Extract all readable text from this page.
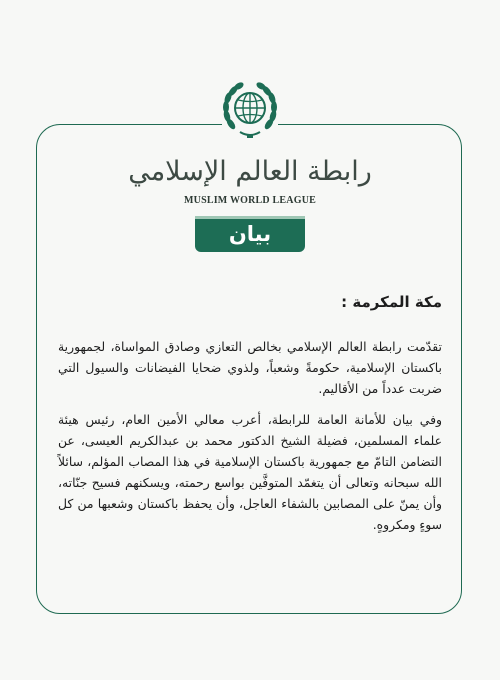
رابطة العالم الإسلامي
MUSLIM WORLD LEAGUE
بيان
مكة المكرمة :

تقدّمت رابطة العالم الإسلامي بخالص التعازي وصادق المواساة، لجمهورية باكستان الإسلامية، حكومةً وشعباً، ولذوي ضحايا الفيضانات والسيول التي ضربت عدداً من الأقاليم.

وفي بيان للأمانة العامة للرابطة، أعرب معالي الأمين العام، رئيس هيئة علماء المسلمين، فضيلة الشيخ الدكتور محمد بن عبدالكريم العيسى، عن التضامن التامّ مع جمهورية باكستان الإسلامية في هذا المصاب المؤلم، سائلاً الله سبحانه وتعالى أن يتغمّد المتوفَّين بواسع رحمته، ويسكنهم فسيح جنّاته، وأن يمنّ على المصابين بالشفاء العاجل، وأن يحفظ باكستان وشعبها من كل سوءٍ ومكروهٍ.
